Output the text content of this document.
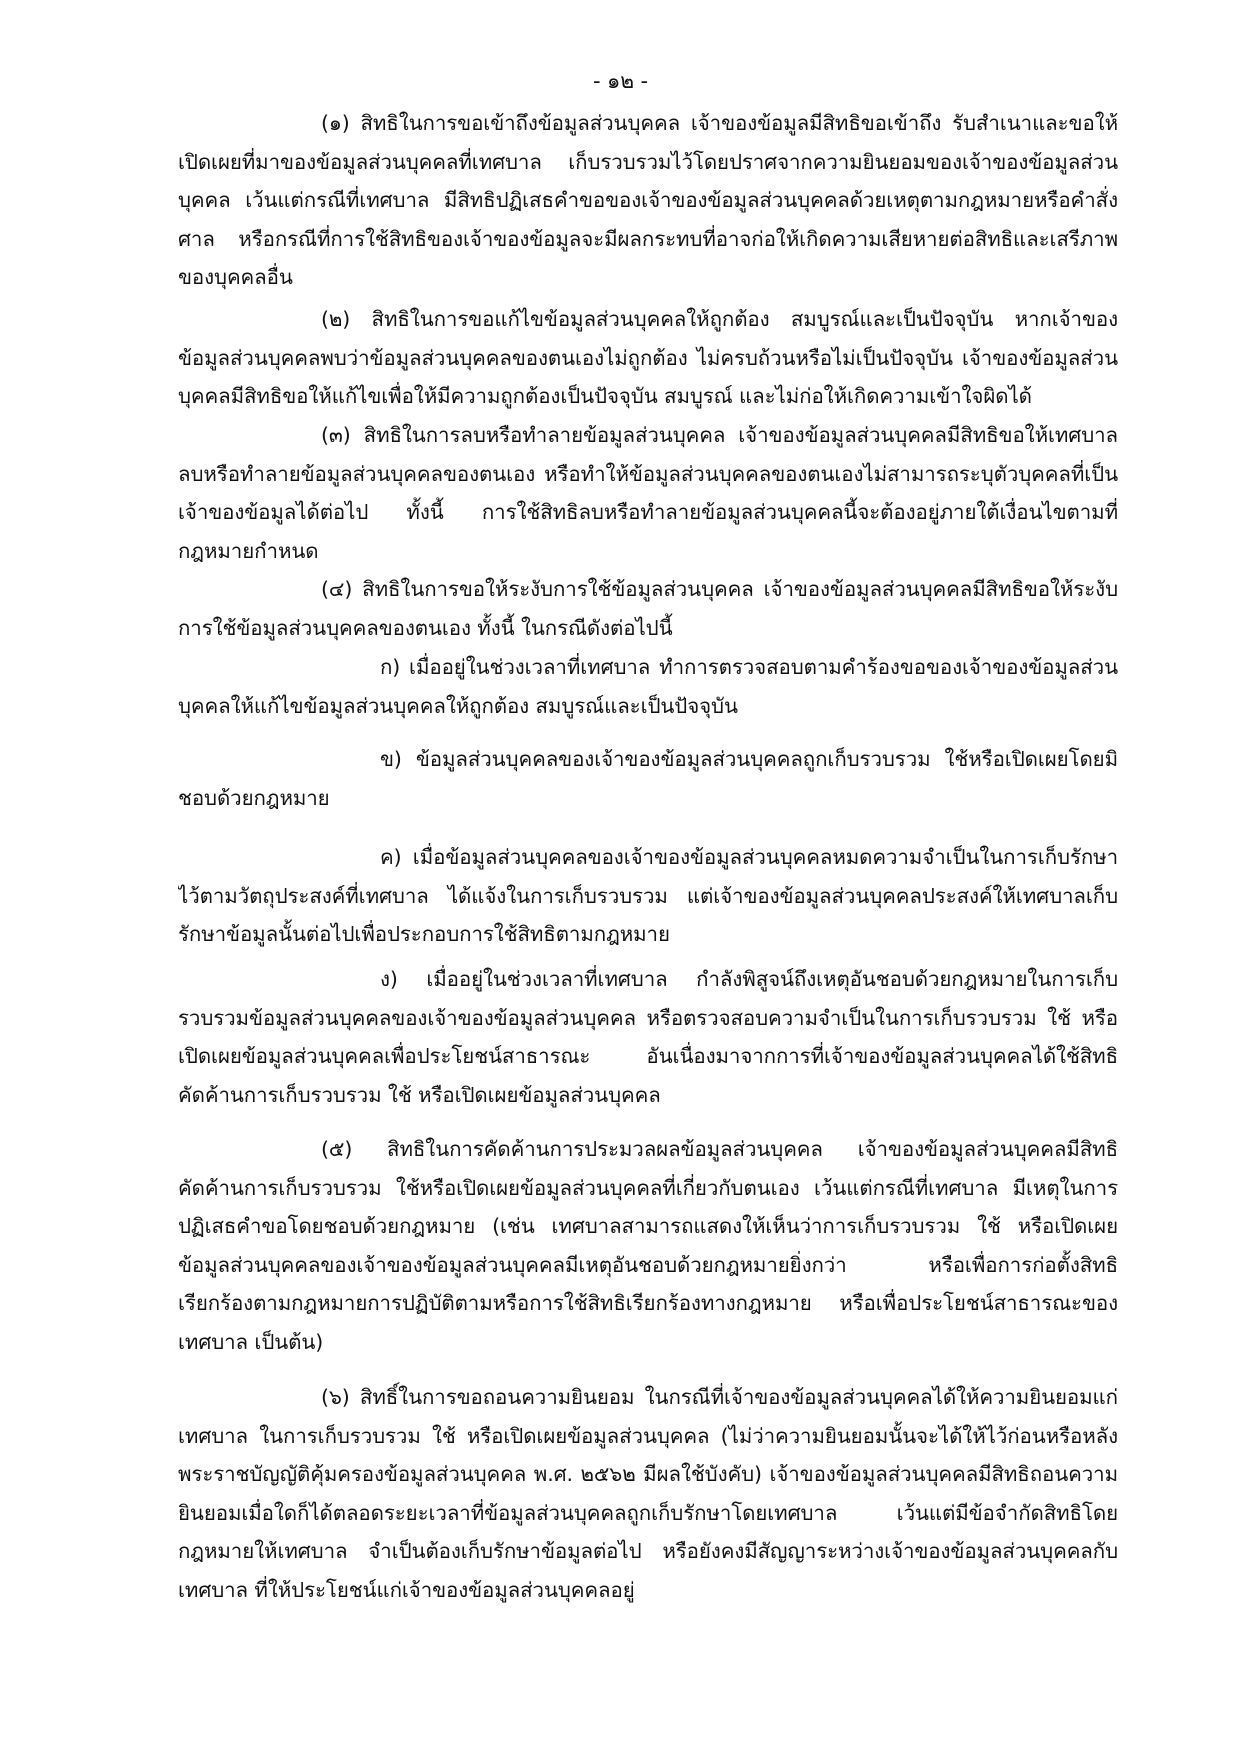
- ๑๒ -
(๑) สิทธิในการขอเข้าถึงข้อมูลส่วนบุคคล เจ้าของข้อมูลมีสิทธิขอเข้าถึง รับสำเนาและขอให้
เปิดเผยที่มาของข้อมูลส่วนบุคคลที่เทศบาล เก็บรวบรวมไว้โดยปราศจากความยินยอมของเจ้าของข้อมูลส่วน
บุคคล เว้นแต่กรณีที่เทศบาล มีสิทธิปฏิเสธคำขอของเจ้าของข้อมูลส่วนบุคคลด้วยเหตุตามกฎหมายหรือคำสั่ง
ศาล หรือกรณีที่การใช้สิทธิของเจ้าของข้อมูลจะมีผลกระทบที่อาจก่อให้เกิดความเสียหายต่อสิทธิและเสรีภาพ
ของบุคคลอื่น
(๒) สิทธิในการขอแก้ไขข้อมูลส่วนบุคคลให้ถูกต้อง สมบูรณ์และเป็นปัจจุบัน หากเจ้าของ
ข้อมูลส่วนบุคคลพบว่าข้อมูลส่วนบุคคลของตนเองไม่ถูกต้อง ไม่ครบถ้วนหรือไม่เป็นปัจจุบัน เจ้าของข้อมูลส่วน
บุคคลมีสิทธิขอให้แก้ไขเพื่อให้มีความถูกต้องเป็นปัจจุบัน สมบูรณ์ และไม่ก่อให้เกิดความเข้าใจผิดได้
(๓) สิทธิในการลบหรือทำลายข้อมูลส่วนบุคคล เจ้าของข้อมูลส่วนบุคคลมีสิทธิขอให้เทศบาล
ลบหรือทำลายข้อมูลส่วนบุคคลของตนเอง หรือทำให้ข้อมูลส่วนบุคคลของตนเองไม่สามารถระบุตัวบุคคลที่เป็น
เจ้าของข้อมูลได้ต่อไป ทั้งนี้ การใช้สิทธิลบหรือทำลายข้อมูลส่วนบุคคลนี้จะต้องอยู่ภายใต้เงื่อนไขตามที่
กฎหมายกำหนด
(๔) สิทธิในการขอให้ระงับการใช้ข้อมูลส่วนบุคคล เจ้าของข้อมูลส่วนบุคคลมีสิทธิขอให้ระงับ
การใช้ข้อมูลส่วนบุคคลของตนเอง ทั้งนี้ ในกรณีดังต่อไปนี้
ก) เมื่ออยู่ในช่วงเวลาที่เทศบาล ทำการตรวจสอบตามคำร้องขอของเจ้าของข้อมูลส่วน
บุคคลให้แก้ไขข้อมูลส่วนบุคคลให้ถูกต้อง สมบูรณ์และเป็นปัจจุบัน
ข) ข้อมูลส่วนบุคคลของเจ้าของข้อมูลส่วนบุคคลถูกเก็บรวบรวม ใช้หรือเปิดเผยโดยมิ
ชอบด้วยกฎหมาย
ค) เมื่อข้อมูลส่วนบุคคลของเจ้าของข้อมูลส่วนบุคคลหมดความจำเป็นในการเก็บรักษา
ไว้ตามวัตถุประสงค์ที่เทศบาล ได้แจ้งในการเก็บรวบรวม แต่เจ้าของข้อมูลส่วนบุคคลประสงค์ให้เทศบาลเก็บ
รักษาข้อมูลนั้นต่อไปเพื่อประกอบการใช้สิทธิตามกฎหมาย
ง) เมื่ออยู่ในช่วงเวลาที่เทศบาล กำลังพิสูจน์ถึงเหตุอันชอบด้วยกฎหมายในการเก็บ
รวบรวมข้อมูลส่วนบุคคลของเจ้าของข้อมูลส่วนบุคคล หรือตรวจสอบความจำเป็นในการเก็บรวบรวม ใช้ หรือ
เปิดเผยข้อมูลส่วนบุคคลเพื่อประโยชน์สาธารณะ อันเนื่องมาจากการที่เจ้าของข้อมูลส่วนบุคคลได้ใช้สิทธิ
คัดค้านการเก็บรวบรวม ใช้ หรือเปิดเผยข้อมูลส่วนบุคคล
(๕) สิทธิในการคัดค้านการประมวลผลข้อมูลส่วนบุคคล เจ้าของข้อมูลส่วนบุคคลมีสิทธิ
คัดค้านการเก็บรวบรวม ใช้หรือเปิดเผยข้อมูลส่วนบุคคลที่เกี่ยวกับตนเอง เว้นแต่กรณีที่เทศบาล มีเหตุในการ
ปฏิเสธคำขอโดยชอบด้วยกฎหมาย (เช่น เทศบาลสามารถแสดงให้เห็นว่าการเก็บรวบรวม ใช้ หรือเปิดเผย
ข้อมูลส่วนบุคคลของเจ้าของข้อมูลส่วนบุคคลมีเหตุอันชอบด้วยกฎหมายยิ่งกว่า หรือเพื่อการก่อตั้งสิทธิ
เรียกร้องตามกฎหมายการปฏิบัติตามหรือการใช้สิทธิเรียกร้องทางกฎหมาย หรือเพื่อประโยชน์สาธารณะของ
เทศบาล เป็นต้น)
(๖) สิทธิ์ในการขอถอนความยินยอม ในกรณีที่เจ้าของข้อมูลส่วนบุคคลได้ให้ความยินยอมแก่
เทศบาล ในการเก็บรวบรวม ใช้ หรือเปิดเผยข้อมูลส่วนบุคคล (ไม่ว่าความยินยอมนั้นจะได้ให้ไว้ก่อนหรือหลัง
พระราชบัญญัติคุ้มครองข้อมูลส่วนบุคคล พ.ศ. ๒๕๖๒ มีผลใช้บังคับ) เจ้าของข้อมูลส่วนบุคคลมีสิทธิถอนความ
ยินยอมเมื่อใดก็ได้ตลอดระยะเวลาที่ข้อมูลส่วนบุคคลถูกเก็บรักษาโดยเทศบาล เว้นแต่มีข้อจำกัดสิทธิโดย
กฎหมายให้เทศบาล จำเป็นต้องเก็บรักษาข้อมูลต่อไป หรือยังคงมีสัญญาระหว่างเจ้าของข้อมูลส่วนบุคคลกับ
เทศบาล ที่ให้ประโยชน์แก่เจ้าของข้อมูลส่วนบุคคลอยู่
